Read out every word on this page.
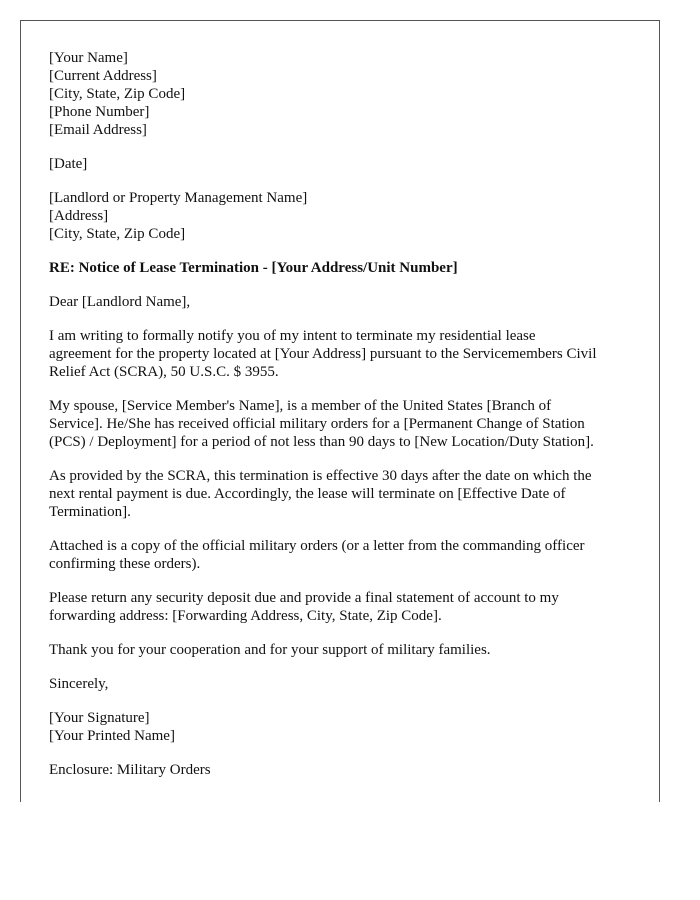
[Your Name]
[Current Address]
[City, State, Zip Code]
[Phone Number]
[Email Address]
[Date]
[Landlord or Property Management Name]
[Address]
[City, State, Zip Code]
RE: Notice of Lease Termination - [Your Address/Unit Number]
Dear [Landlord Name],

I am writing to formally notify you of my intent to terminate my residential lease
agreement for the property located at [Your Address] pursuant to the Servicemembers Civil
Relief Act (SCRA), 50 U.S.C. $ 3955.

My spouse, [Service Member's Name], is a member of the United States [Branch of
Service]. He/She has received official military orders for a [Permanent Change of Station
(PCS) / Deployment] for a period of not less than 90 days to [New Location/Duty Station].

As provided by the SCRA, this termination is effective 30 days after the date on which the
next rental payment is due. Accordingly, the lease will terminate on [Effective Date of
Termination].

Attached is a copy of the official military orders (or a letter from the commanding officer
confirming these orders).

Please return any security deposit due and provide a final statement of account to my
forwarding address: [Forwarding Address, City, State, Zip Code].

Thank you for your cooperation and for your support of military families.

Sincerely,
[Your Signature]
[Your Printed Name]
Enclosure: Military Orders
